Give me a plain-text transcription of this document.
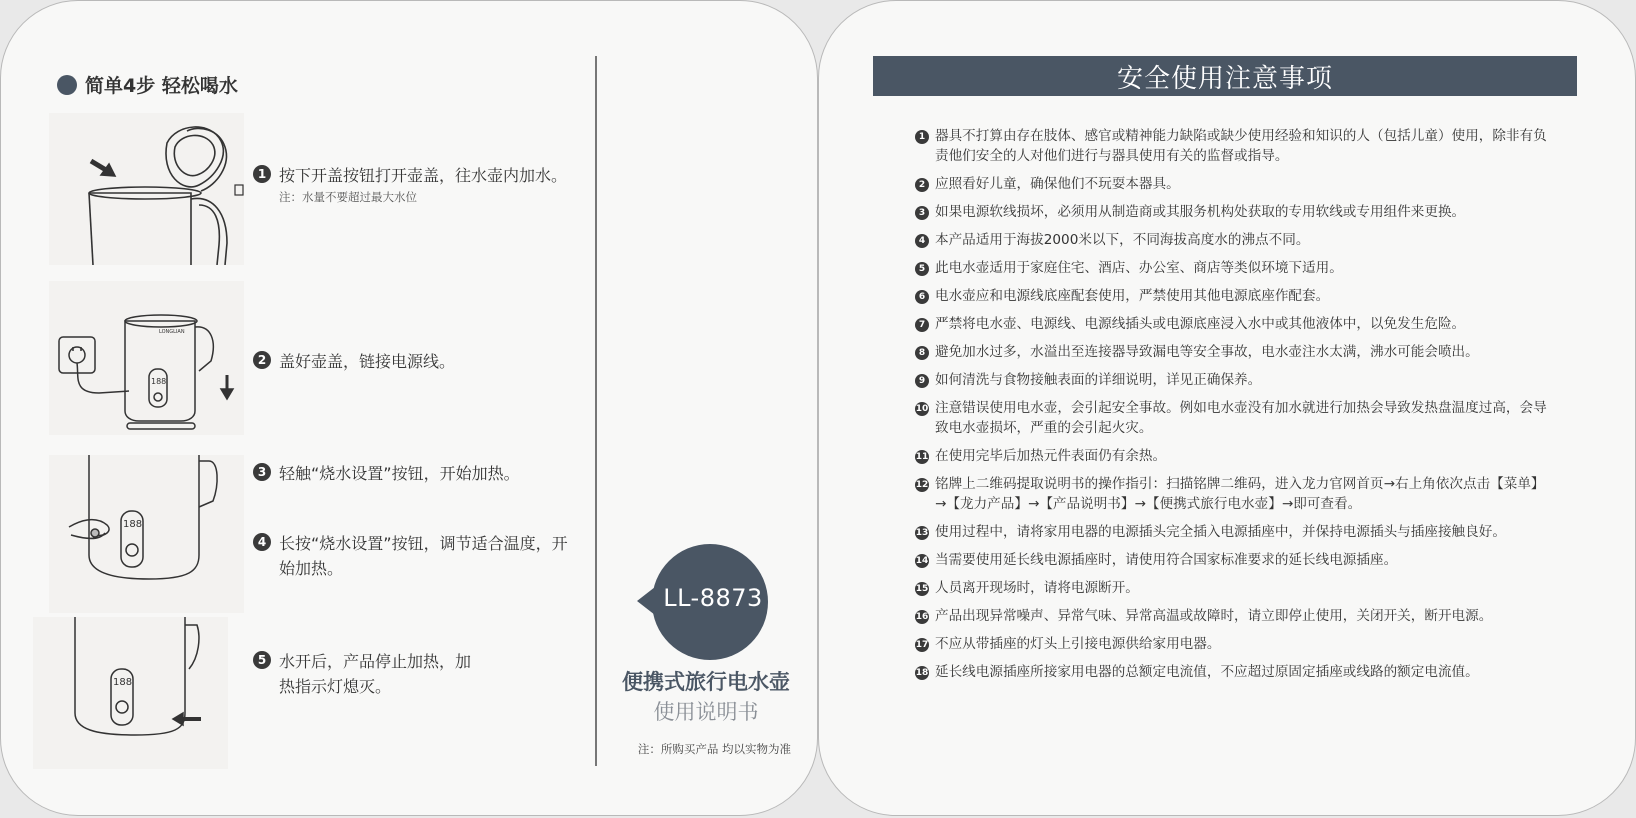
简单4步 轻松喝水
188
LONGLIAN
188
188
1 按下开盖按钮打开壶盖，往水壶内加水。
注：水量不要超过最大水位
2 盖好壶盖，链接电源线。
3 轻触“烧水设置”按钮，开始加热。
4 长按“烧水设置”按钮，调节适合温度，开始加热。
5 水开后，产品停止加热，加热指示灯熄灭。
LL-8873
便携式旅行电水壶
使用说明书
注：所购买产品 均以实物为准
安全使用注意事项
1 器具不打算由存在肢体、感官或精神能力缺陷或缺少使用经验和知识的人（包括儿童）使用，除非有负责他们安全的人对他们进行与器具使用有关的监督或指导。
2 应照看好儿童，确保他们不玩耍本器具。
3 如果电源软线损坏，必须用从制造商或其服务机构处获取的专用软线或专用组件来更换。
4 本产品适用于海拔2000米以下，不同海拔高度水的沸点不同。
5 此电水壶适用于家庭住宅、酒店、办公室、商店等类似环境下适用。
6 电水壶应和电源线底座配套使用，严禁使用其他电源底座作配套。
7 严禁将电水壶、电源线、电源线插头或电源底座浸入水中或其他液体中，以免发生危险。
8 避免加水过多，水溢出至连接器导致漏电等安全事故，电水壶注水太满，沸水可能会喷出。
9 如何清洗与食物接触表面的详细说明，详见正确保养。
10 注意错误使用电水壶，会引起安全事故。例如电水壶没有加水就进行加热会导致发热盘温度过高，会导致电水壶损坏，严重的会引起火灾。
11 在使用完毕后加热元件表面仍有余热。
12 铭牌上二维码提取说明书的操作指引：扫描铭牌二维码，进入龙力官网首页→右上角依次点击【菜单】→【龙力产品】→【产品说明书】→【便携式旅行电水壶】→即可查看。
13 使用过程中，请将家用电器的电源插头完全插入电源插座中，并保持电源插头与插座接触良好。
14 当需要使用延长线电源插座时，请使用符合国家标准要求的延长线电源插座。
15 人员离开现场时，请将电源断开。
16 产品出现异常噪声、异常气味、异常高温或故障时，请立即停止使用，关闭开关，断开电源。
17 不应从带插座的灯头上引接电源供给家用电器。
18 延长线电源插座所接家用电器的总额定电流值，不应超过原固定插座或线路的额定电流值。
